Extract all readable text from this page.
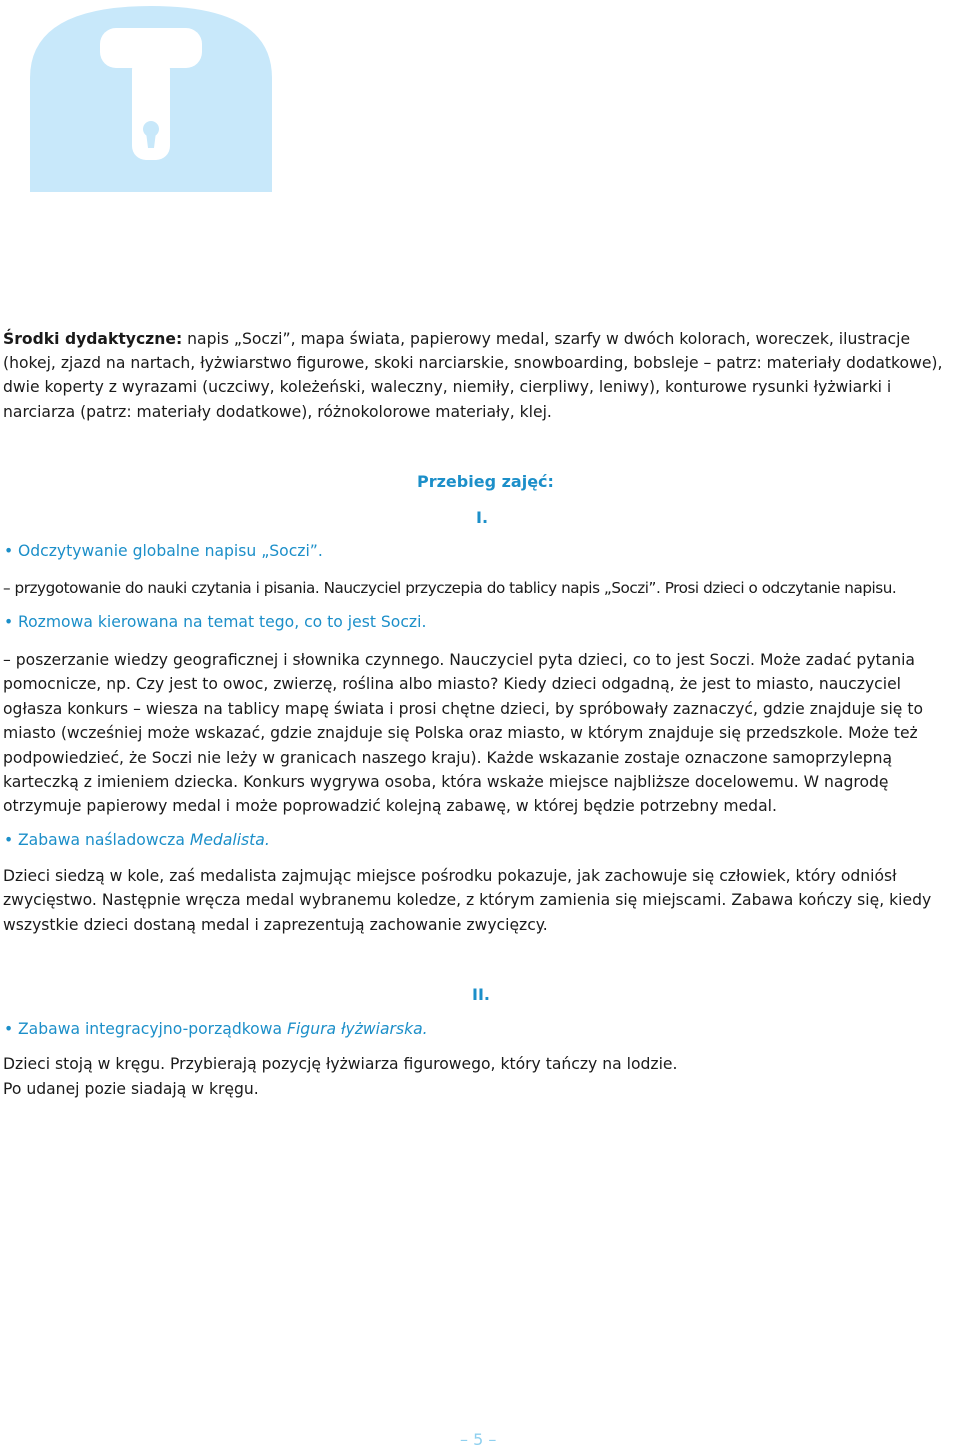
Środki dydaktyczne: napis „Soczi”, mapa świata, papierowy medal, szarfy w dwóch kolorach, woreczek, ilustracje (hokej, zjazd na nartach, łyżwiarstwo figurowe, skoki narciarskie, snowboarding, bobsleje – patrz: materiały dodatkowe), dwie koperty z wyrazami (uczciwy, koleżeński, waleczny, niemiły, cierpliwy, leniwy), konturowe rysunki łyżwiarki i narciarza (patrz: materiały dodatkowe), różnokolorowe materiały, klej.
Przebieg zajęć:
I.
• Odczytywanie globalne napisu „Soczi”.
– przygotowanie do nauki czytania i pisania. Nauczyciel przyczepia do tablicy napis „Soczi”. Prosi dzieci o odczytanie napisu.
• Rozmowa kierowana na temat tego, co to jest Soczi.
– poszerzanie wiedzy geograficznej i słownika czynnego. Nauczyciel pyta dzieci, co to jest Soczi. Może zadać pytania pomocnicze, np. Czy jest to owoc, zwierzę, roślina albo miasto? Kiedy dzieci odgadną, że jest to miasto, nauczyciel ogłasza konkurs – wiesza na tablicy mapę świata i prosi chętne dzieci, by spróbowały zaznaczyć, gdzie znajduje się to miasto (wcześniej może wskazać, gdzie znajduje się Polska oraz miasto, w którym znajduje się przedszkole. Może też podpowiedzieć, że Soczi nie leży w granicach naszego kraju). Każde wskazanie zostaje oznaczone samoprzylepną karteczką z imieniem dziecka. Konkurs wygrywa osoba, która wskaże miejsce najbliższe docelowemu. W nagrodę otrzymuje papierowy medal i może poprowadzić kolejną zabawę, w której będzie potrzebny medal.
• Zabawa naśladowcza Medalista.
Dzieci siedzą w kole, zaś medalista zajmując miejsce pośrodku pokazuje, jak zachowuje się człowiek, który odniósł zwycięstwo. Następnie wręcza medal wybranemu koledze, z którym zamienia się miejscami. Zabawa kończy się, kiedy wszystkie dzieci dostaną medal i zaprezentują zachowanie zwycięzcy.
II.
• Zabawa integracyjno-porządkowa Figura łyżwiarska.
Dzieci stoją w kręgu. Przybierają pozycję łyżwiarza figurowego, który tańczy na lodzie.
Po udanej pozie siadają w kręgu.
– 5 –
